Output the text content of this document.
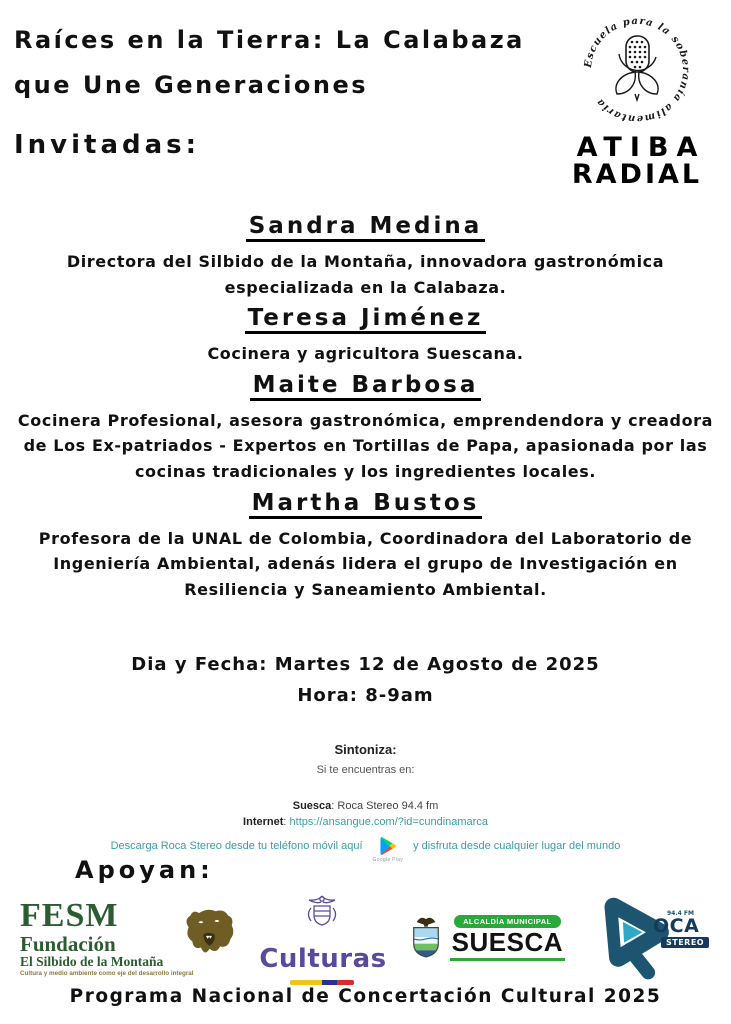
Raíces en la Tierra: La Calabaza
que Une Generaciones
Invitadas:
Escuela para la soberanía alimentaria
ATIBA
RADIAL
Sandra Medina

Directora del Silbido de la Montaña, innovadora gastronómica especializada en la Calabaza.

Teresa Jiménez

Cocinera y agricultora Suescana.

Maite Barbosa

Cocinera Profesional, asesora gastronómica, emprendendora y creadora de Los Ex-patriados - Expertos en Tortillas de Papa, apasionada por las cocinas tradicionales y los ingredientes locales.

Martha Bustos

Profesora de la UNAL de Colombia, Coordinadora del Laboratorio de Ingeniería Ambiental, adenás lidera el grupo de Investigación en Resiliencia y Saneamiento Ambiental.

Dia y Fecha: Martes 12 de Agosto de 2025
Hora: 8-9am
Sintoniza:
Si te encuentras en:
Suesca: Roca Stereo 94.4 fm
Internet: https://ansangue.com/?id=cundinamarca
Descarga Roca Stereo desde tu teléfono móvil aquí
Google Play
y disfruta desde cualquier lugar del mundo
Apoyan:
FESM
Fundación
El Silbido de la Montaña
Cultura y medio ambiente como eje del desarrollo integral	Culturas
ALCALDÍA MUNICIPAL
SUESCA
94.4 FM
OCA
STEREO
Programa Nacional de Concertación Cultural 2025
